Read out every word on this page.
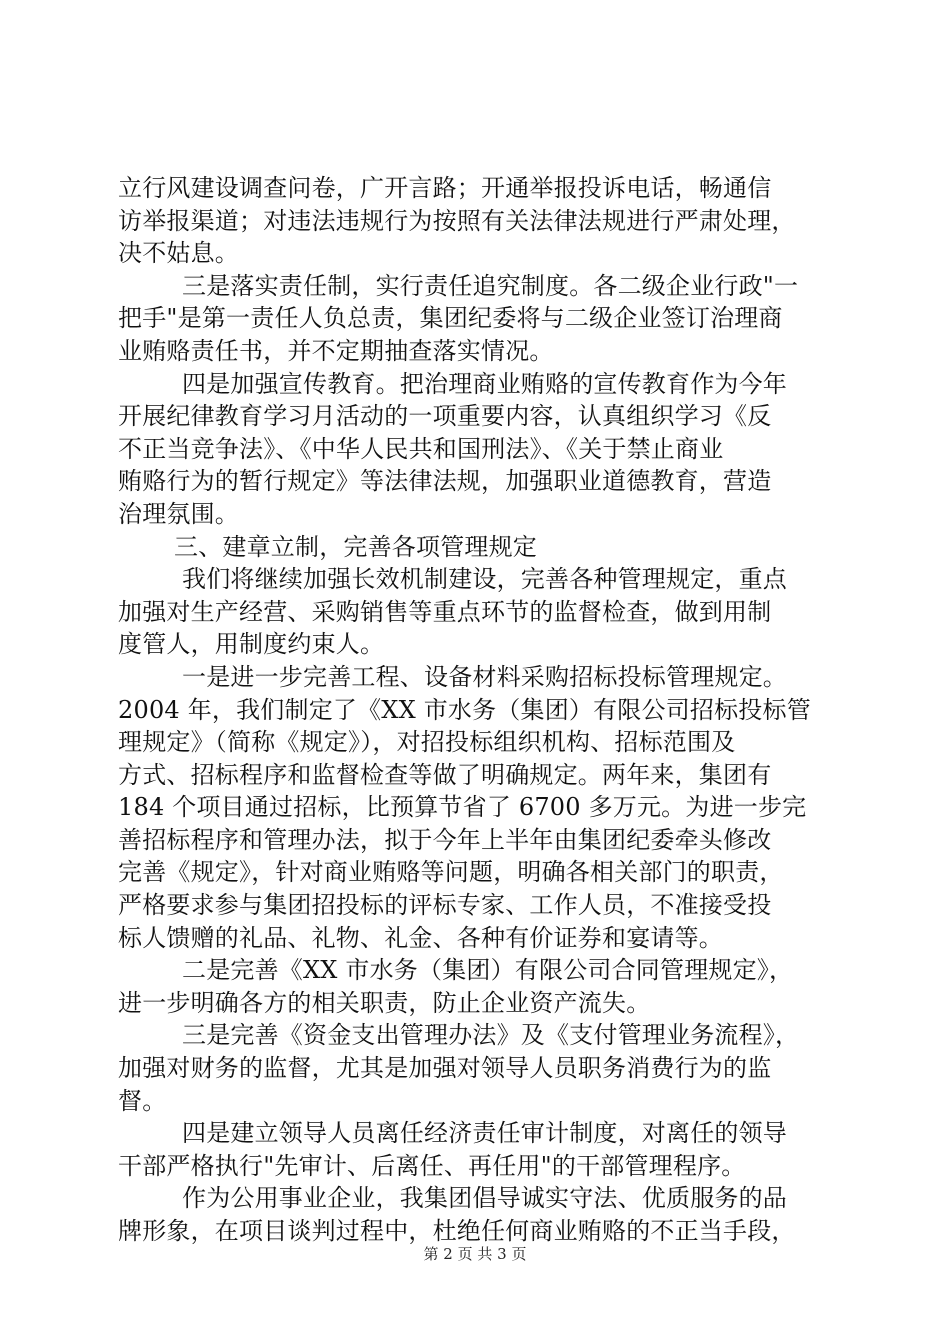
立行风建设调查问卷，广开言路；开通举报投诉电话，畅通信
访举报渠道；对违法违规行为按照有关法律法规进行严肃处理，
决不姑息。
三是落实责任制，实行责任追究制度。各二级企业行政"一
把手"是第一责任人负总责，集团纪委将与二级企业签订治理商
业贿赂责任书，并不定期抽查落实情况。
四是加强宣传教育。把治理商业贿赂的宣传教育作为今年
开展纪律教育学习月活动的一项重要内容，认真组织学习《反
不正当竞争法》、《中华人民共和国刑法》、《关于禁止商业
贿赂行为的暂行规定》等法律法规，加强职业道德教育，营造
治理氛围。
三、建章立制，完善各项管理规定
我们将继续加强长效机制建设，完善各种管理规定，重点
加强对生产经营、采购销售等重点环节的监督检查，做到用制
度管人，用制度约束人。
一是进一步完善工程、设备材料采购招标投标管理规定。
2004 年，我们制定了《XX 市水务（集团）有限公司招标投标管
理规定》（简称《规定》），对招投标组织机构、招标范围及
方式、招标程序和监督检查等做了明确规定。两年来，集团有
184 个项目通过招标，比预算节省了 6700 多万元。为进一步完
善招标程序和管理办法，拟于今年上半年由集团纪委牵头修改
完善《规定》，针对商业贿赂等问题，明确各相关部门的职责，
严格要求参与集团招投标的评标专家、工作人员，不准接受投
标人馈赠的礼品、礼物、礼金、各种有价证券和宴请等。
二是完善《XX 市水务（集团）有限公司合同管理规定》，
进一步明确各方的相关职责，防止企业资产流失。
三是完善《资金支出管理办法》及《支付管理业务流程》，
加强对财务的监督，尤其是加强对领导人员职务消费行为的监
督。
四是建立领导人员离任经济责任审计制度，对离任的领导
干部严格执行"先审计、后离任、再任用"的干部管理程序。
作为公用事业企业，我集团倡导诚实守法、优质服务的品
牌形象，在项目谈判过程中，杜绝任何商业贿赂的不正当手段，
第 2 页 共 3 页
